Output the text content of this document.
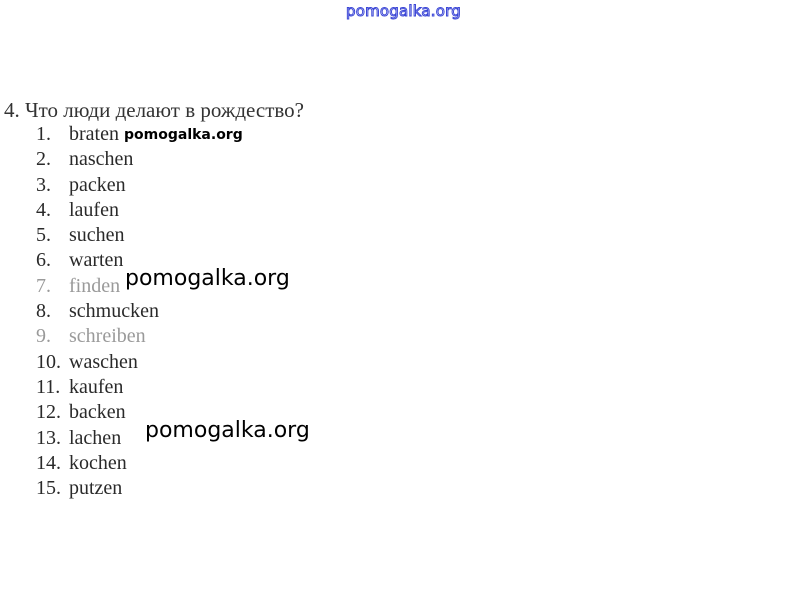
pomogalka.org
4. Что люди делают в рождество?
1. braten
2. naschen
3. packen
4. laufen
5. suchen
6. warten
7. finden
8. schmucken
9. schreiben
10. waschen
11. kaufen
12. backen
13. lachen
14. kochen
15. putzen
pomogalka.org
pomogalka.org
pomogalka.org
